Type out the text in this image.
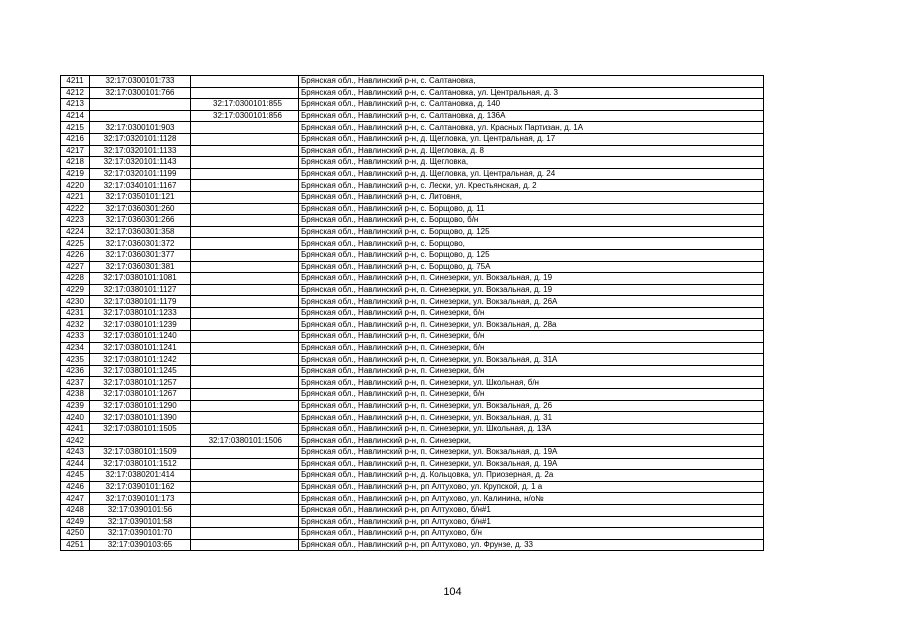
4211	32:17:0300101:733		Брянская обл., Навлинский р-н, с. Салтановка,
4212	32:17:0300101:766		Брянская обл., Навлинский р-н, с. Салтановка, ул. Центральная, д. 3
4213		32:17:0300101:855	Брянская обл., Навлинский р-н, с. Салтановка, д. 140
4214		32:17:0300101:856	Брянская обл., Навлинский р-н, с. Салтановка, д. 136А
4215	32:17:0300101:903		Брянская обл., Навлинский р-н, с. Салтановка, ул. Красных Партизан, д. 1А
4216	32:17:0320101:1128		Брянская обл., Навлинский р-н, д. Щегловка, ул. Центральная, д. 17
4217	32:17:0320101:1133		Брянская обл., Навлинский р-н, д. Щегловка, д. 8
4218	32:17:0320101:1143		Брянская обл., Навлинский р-н, д. Щегловка,
4219	32:17:0320101:1199		Брянская обл., Навлинский р-н, д. Щегловка, ул. Центральная, д. 24
4220	32:17:0340101:1167		Брянская обл., Навлинский р-н, с. Лески, ул. Крестьянская, д. 2
4221	32:17:0350101:121		Брянская обл., Навлинский р-н, с. Литовня,
4222	32:17:0360301:260		Брянская обл., Навлинский р-н, с. Борщово, д. 11
4223	32:17:0360301:266		Брянская обл., Навлинский р-н, с. Борщово, б/н
4224	32:17:0360301:358		Брянская обл., Навлинский р-н, с. Борщово, д. 125
4225	32:17:0360301:372		Брянская обл., Навлинский р-н, с. Борщово,
4226	32:17:0360301:377		Брянская обл., Навлинский р-н, с. Борщово, д. 125
4227	32:17:0360301:381		Брянская обл., Навлинский р-н, с. Борщово, д. 75А
4228	32:17:0380101:1081		Брянская обл., Навлинский р-н, п. Синезерки, ул. Вокзальная, д. 19
4229	32:17:0380101:1127		Брянская обл., Навлинский р-н, п. Синезерки, ул. Вокзальная, д. 19
4230	32:17:0380101:1179		Брянская обл., Навлинский р-н, п. Синезерки, ул. Вокзальная, д. 26А
4231	32:17:0380101:1233		Брянская обл., Навлинский р-н, п. Синезерки, б/н
4232	32:17:0380101:1239		Брянская обл., Навлинский р-н, п. Синезерки, ул. Вокзальная, д. 28а
4233	32:17:0380101:1240		Брянская обл., Навлинский р-н, п. Синезерки, б/н
4234	32:17:0380101:1241		Брянская обл., Навлинский р-н, п. Синезерки, б/н
4235	32:17:0380101:1242		Брянская обл., Навлинский р-н, п. Синезерки, ул. Вокзальная, д. 31А
4236	32:17:0380101:1245		Брянская обл., Навлинский р-н, п. Синезерки, б/н
4237	32:17:0380101:1257		Брянская обл., Навлинский р-н, п. Синезерки, ул. Школьная, б/н
4238	32:17:0380101:1267		Брянская обл., Навлинский р-н, п. Синезерки, б/н
4239	32:17:0380101:1290		Брянская обл., Навлинский р-н, п. Синезерки, ул. Вокзальная, д. 26
4240	32:17:0380101:1390		Брянская обл., Навлинский р-н, п. Синезерки, ул. Вокзальная, д. 31
4241	32:17:0380101:1505		Брянская обл., Навлинский р-н, п. Синезерки, ул. Школьная, д. 13А
4242		32:17:0380101:1506	Брянская обл., Навлинский р-н, п. Синезерки,
4243	32:17:0380101:1509		Брянская обл., Навлинский р-н, п. Синезерки, ул. Вокзальная, д. 19А
4244	32:17:0380101:1512		Брянская обл., Навлинский р-н, п. Синезерки, ул. Вокзальная, д. 19А
4245	32:17:0380201:414		Брянская обл., Навлинский р-н, д. Кольцовка, ул. Приозерная, д. 2а
4246	32:17:0390101:162		Брянская обл., Навлинский р-н, рп Алтухово, ул. Крупской, д. 1 а
4247	32:17:0390101:173		Брянская обл., Навлинский р-н, рп Алтухово, ул. Калинина, н/о№
4248	32:17:0390101:56		Брянская обл., Навлинский р-н, рп Алтухово, б/н#1
4249	32:17:0390101:58		Брянская обл., Навлинский р-н, рп Алтухово, б/н#1
4250	32:17:0390101:70		Брянская обл., Навлинский р-н, рп Алтухово, б/н
4251	32:17:0390103:65		Брянская обл., Навлинский р-н, рп Алтухово, ул. Фрунзе, д. 33
104
